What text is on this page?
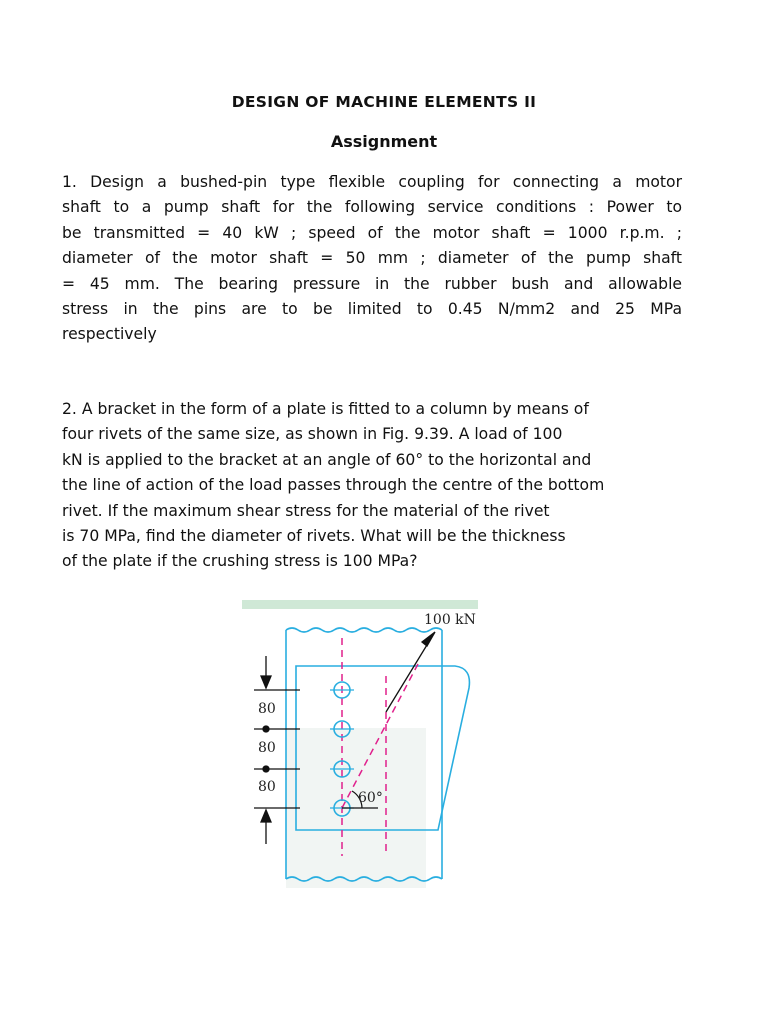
DESIGN OF MACHINE ELEMENTS II
Assignment
1. Design a bushed-pin type flexible coupling for connecting a motor
shaft to a pump shaft for the following service conditions : Power to
be transmitted = 40 kW ; speed of the motor shaft = 1000 r.p.m. ;
diameter of the motor shaft = 50 mm ; diameter of the pump shaft
= 45 mm. The bearing pressure in the rubber bush and allowable
stress in the pins are to be limited to 0.45 N/mm2 and 25 MPa
respectively
2. A bracket in the form of a plate is fitted to a column by means of
four rivets of the same size, as shown in Fig. 9.39. A load of 100
kN is applied to the bracket at an angle of 60° to the horizontal and
the line of action of the load passes through the centre of the bottom
rivet. If the maximum shear stress for the material of the rivet
is 70 MPa, find the diameter of rivets. What will be the thickness
of the plate if the crushing stress is 100 MPa?
100 kN
80
80
80
60°
